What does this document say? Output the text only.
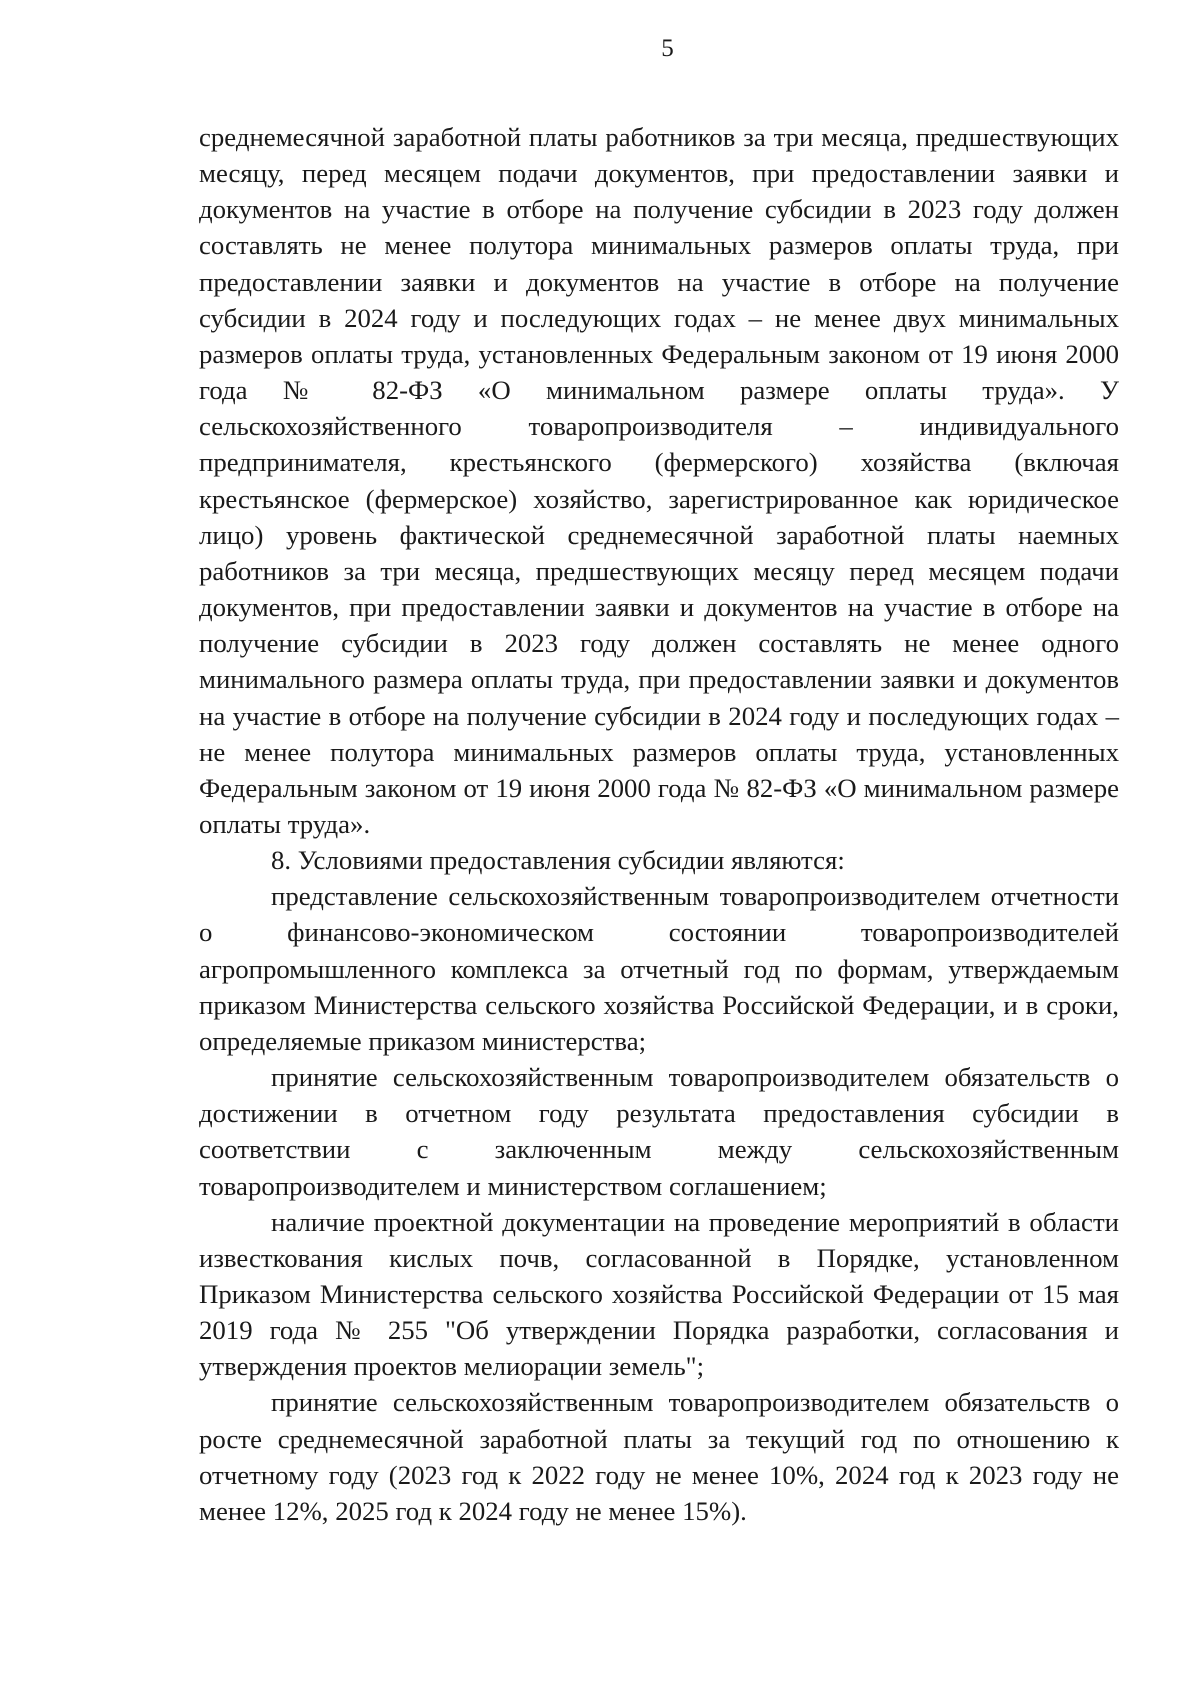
5

среднемесячной заработной платы работников за три месяца, предшествующих месяцу, перед месяцем подачи документов, при предоставлении заявки и документов на участие в отборе на получение субсидии в 2023 году должен составлять не менее полутора минимальных размеров оплаты труда, при предоставлении заявки и документов на участие в отборе на получение субсидии в 2024 году и последующих годах – не менее двух минимальных размеров оплаты труда, установленных Федеральным законом от 19 июня 2000 года № 82-ФЗ «О минимальном размере оплаты труда». У сельскохозяйственного товаропроизводителя – индивидуального предпринимателя, крестьянского (фермерского) хозяйства (включая крестьянское (фермерское) хозяйство, зарегистрированное как юридическое лицо) уровень фактической среднемесячной заработной платы наемных работников за три месяца, предшествующих месяцу перед месяцем подачи документов, при предоставлении заявки и документов на участие в отборе на получение субсидии в 2023 году должен составлять не менее одного минимального размера оплаты труда, при предоставлении заявки и документов на участие в отборе на получение субсидии в 2024 году и последующих годах – не менее полутора минимальных размеров оплаты труда, установленных Федеральным законом от 19 июня 2000 года № 82-ФЗ «О минимальном размере оплаты труда».

8. Условиями предоставления субсидии являются:

представление сельскохозяйственным товаропроизводителем отчетности о финансово-экономическом состоянии товаропроизводителей агропромышленного комплекса за отчетный год по формам, утверждаемым приказом Министерства сельского хозяйства Российской Федерации, и в сроки, определяемые приказом министерства;

принятие сельскохозяйственным товаропроизводителем обязательств о достижении в отчетном году результата предоставления субсидии в соответствии с заключенным между сельскохозяйственным товаропроизводителем и министерством соглашением;

наличие проектной документации на проведение мероприятий в области известкования кислых почв, согласованной в Порядке, установленном Приказом Министерства сельского хозяйства Российской Федерации от 15 мая 2019 года № 255 "Об утверждении Порядка разработки, согласования и утверждения проектов мелиорации земель";

принятие сельскохозяйственным товаропроизводителем обязательств о росте среднемесячной заработной платы за текущий год по отношению к отчетному году (2023 год к 2022 году не менее 10%, 2024 год к 2023 году не менее 12%, 2025 год к 2024 году не менее 15%).
